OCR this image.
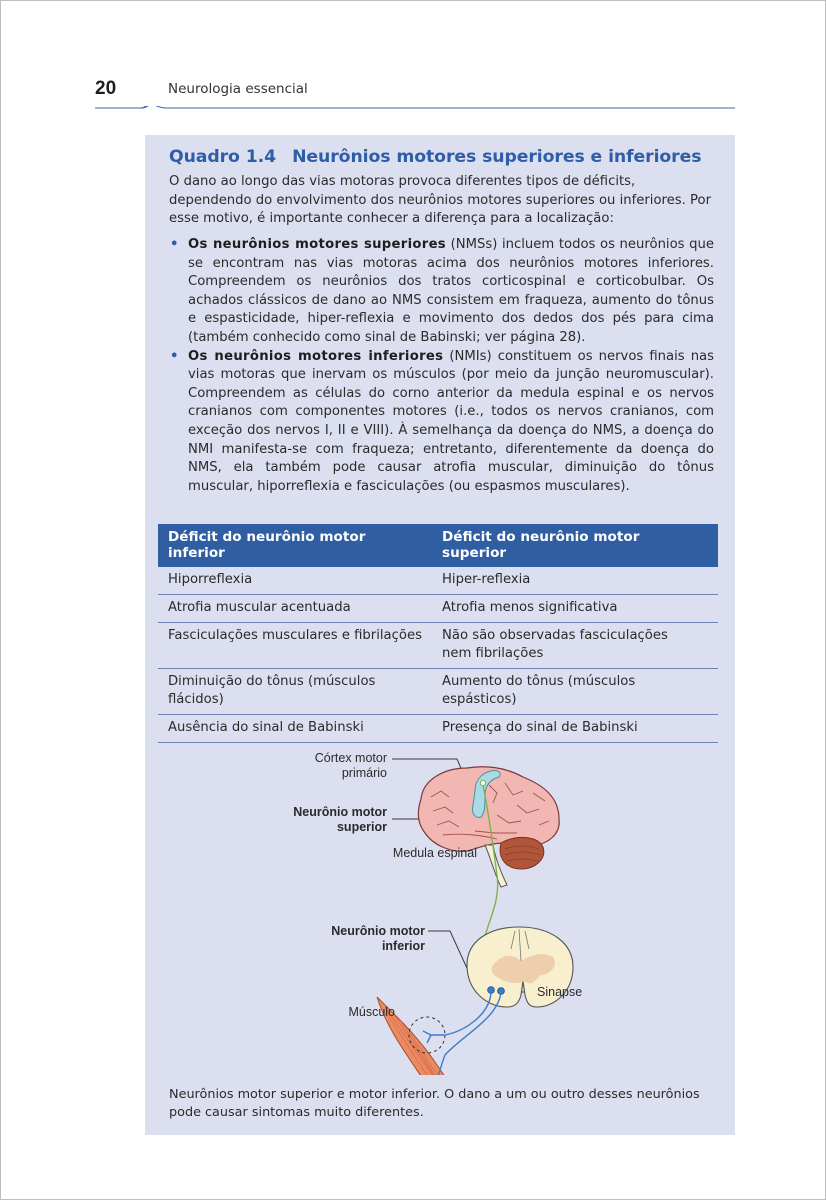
20	Neurologia essencial
Quadro 1.4 Neurônios motores superiores e inferiores
O dano ao longo das vias motoras provoca diferentes tipos de déficits, dependendo do envolvimento dos neurônios motores superiores ou inferiores. Por esse motivo, é importante conhecer a diferença para a localização:
• Os neurônios motores superiores (NMSs) incluem todos os neurônios que se encontram nas vias motoras acima dos neurônios motores inferiores. Compreendem os neurônios dos tratos corticospinal e corticobulbar. Os achados clássicos de dano ao NMS consistem em fraqueza, aumento do tônus e espasticidade, hiper-reflexia e movimento dos dedos dos pés para cima (também conhecido como sinal de Babinski; ver página 28).
• Os neurônios motores inferiores (NMIs) constituem os nervos finais nas vias motoras que inervam os músculos (por meio da junção neuromuscular). Compreendem as células do corno anterior da medula espinal e os nervos cranianos com componentes motores (i.e., todos os nervos cranianos, com exceção dos nervos I, II e VIII). À semelhança da doença do NMS, a doença do NMI manifesta-se com fraqueza; entretanto, diferentemente da doença do NMS, ela também pode causar atrofia muscular, diminuição do tônus muscular, hiporreflexia e fasciculações (ou espasmos musculares).
Déficit do neurônio motor inferior	Déficit do neurônio motor superior
Hiporreflexia	Hiper-reflexia
Atrofia muscular acentuada	Atrofia menos significativa
Fasciculações musculares e fibrilações	Não são observadas fasciculações
nem fibrilações
Diminuição do tônus (músculos flácidos)	Aumento do tônus (músculos espásticos)
Ausência do sinal de Babinski	Presença do sinal de Babinski
Córtex motor
primário
Neurônio motor
superior
Medula espinal
Neurônio motor
inferior
Sinapse
Músculo
Neurônios motor superior e motor inferior. O dano a um ou outro desses neurônios pode causar sintomas muito diferentes.
